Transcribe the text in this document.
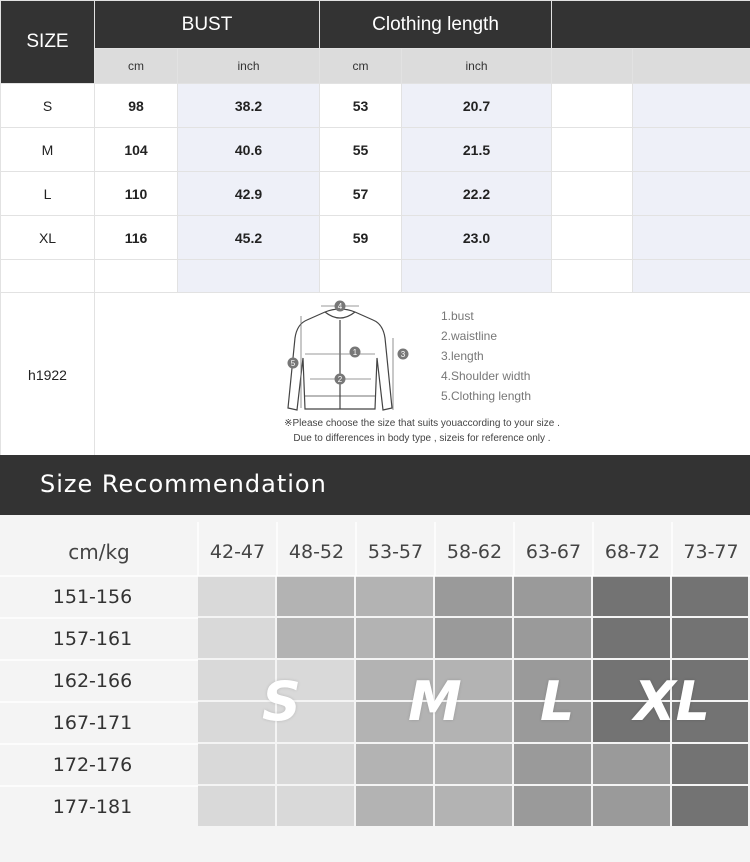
SIZE	BUST		Clothing length			
	cm	inch	cm	inch		
S	98	38.2	53	20.7		
M	104	40.6	55	21.5		
L	110	42.9	57	22.2		
XL	116	45.2	59	23.0		

h1922						
4
1
2
3
5
1.bust
2.waistline
3.length
4.Shoulder width
5.Clothing length
※Please choose the size that suits youaccording to your size .
Due to differences in body type , sizeis for reference only .
Size Recommendation
cm/kg	42-47	48-52	53-57	58-62	63-67	68-72	73-77
151-156
157-161
162-166
167-171
172-176
177-181
S M L XL
